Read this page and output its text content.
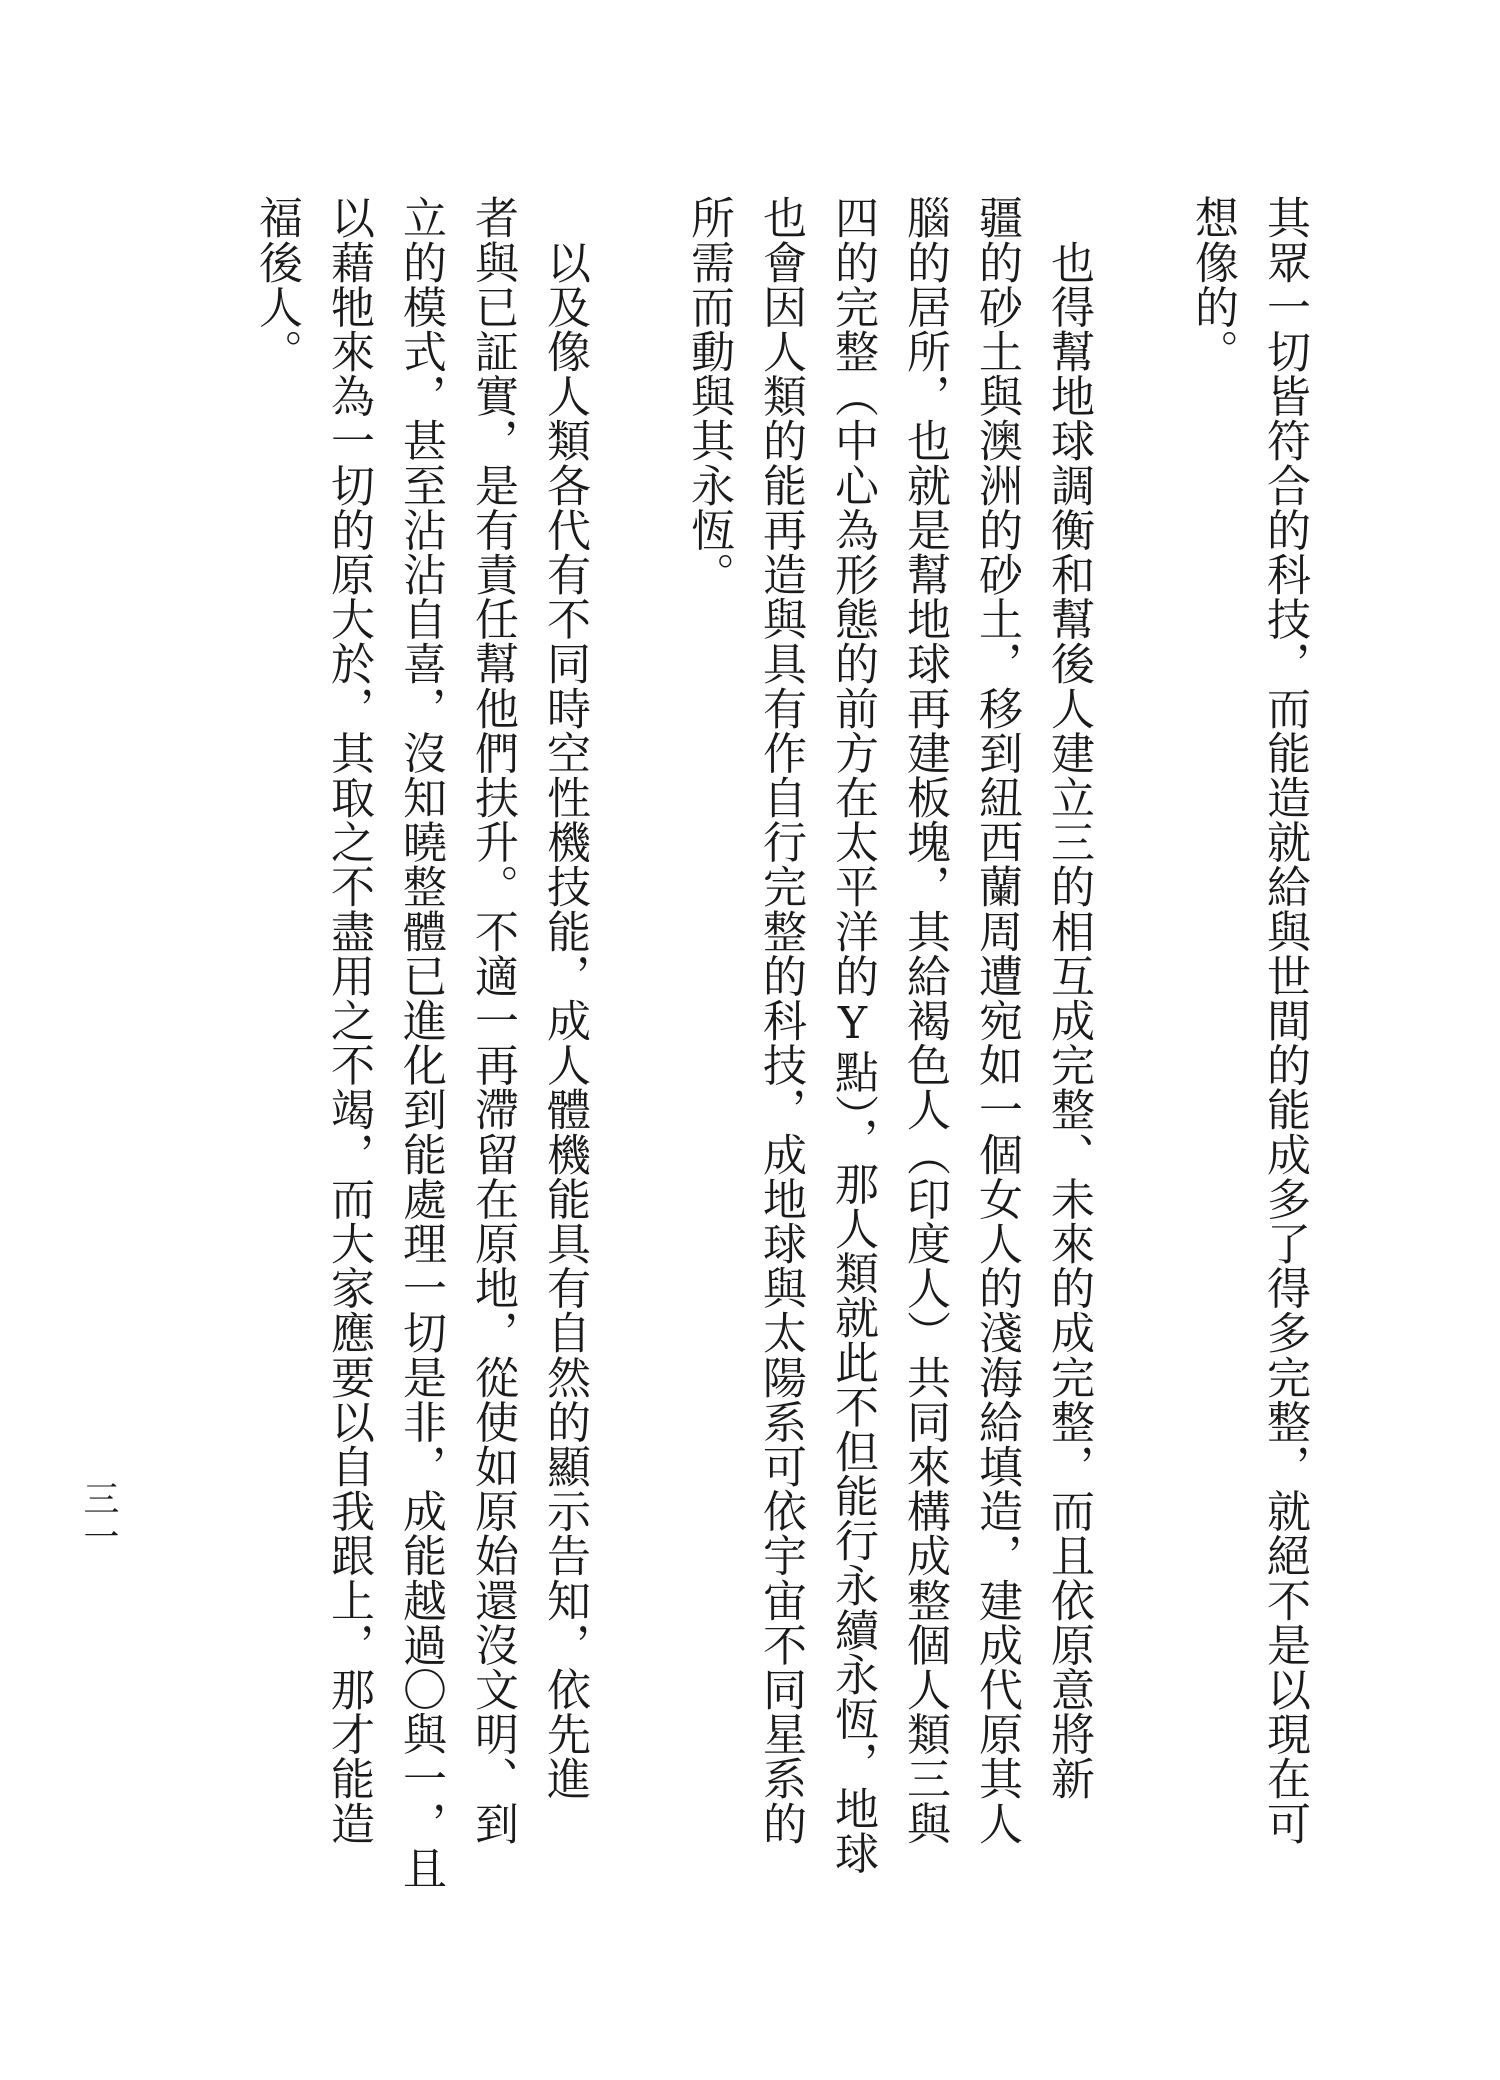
其眾一切皆符合的科技，而能造就給與世間的能成多了得多完整，就絕不是以現在可
想像的。

　也得幫地球調衡和幫後人建立三的相互成完整、未來的成完整，而且依原意將新
疆的砂土與澳洲的砂土，移到紐西蘭周遭宛如一個女人的淺海給填造，建成代原其人
腦的居所，也就是幫地球再建板塊，其給褐色人（印度人）共同來構成整個人類三與
四的完整（中心為形態的前方在太平洋的Y點），那人類就此不但能行永續永恆，地球
也會因人類的能再造與具有作自行完整的科技，成地球與太陽系可依宇宙不同星系的
所需而動與其永恆。

　以及像人類各代有不同時空性機技能，成人體機能具有自然的顯示告知，依先進
者與已証實，是有責任幫他們扶升。不適一再滯留在原地，從使如原始還沒文明、到
立的模式，甚至沾沾自喜，沒知曉整體已進化到能處理一切是非，成能越過〇與一，且
以藉牠來為一切的原大於，其取之不盡用之不竭，而大家應要以自我跟上，那才能造
福後人。

三一
